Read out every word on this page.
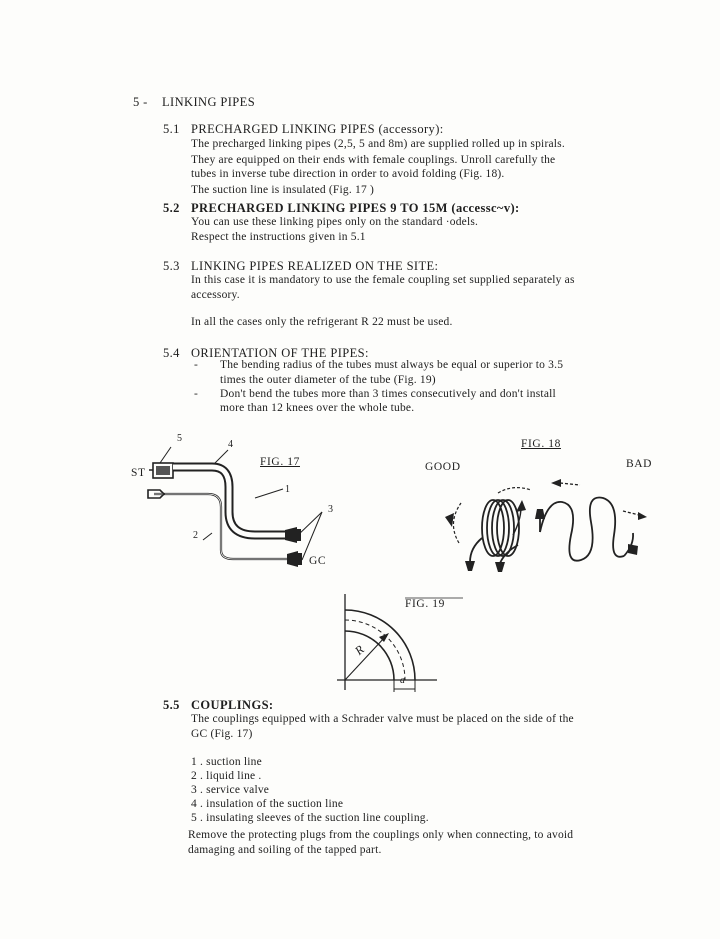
5 - LINKING PIPES
5.1 PRECHARGED LINKING PIPES (accessory):
The precharged linking pipes (2,5, 5 and 8m) are supplied rolled up in spirals.
They are equipped on their ends with female couplings. Unroll carefully the
tubes in inverse tube direction in order to avoid folding (Fig. 18).
The suction line is insulated (Fig. 17 )
5.2 PRECHARGED LINKING PIPES 9 TO 15M (accessc~v):
You can use these linking pipes only on the standard ·odels.
Respect the instructions given in 5.1
5.3 LINKING PIPES REALIZED ON THE SITE:
In this case it is mandatory to use the female coupling set supplied separately as
accessory.
In all the cases only the refrigerant R 22 must be used.
5.4 ORIENTATION OF THE PIPES:
- The bending radius of the tubes must always be equal or superior to 3.5
times the outer diameter of the tube (Fig. 19)
- Don't bend the tubes more than 3 times consecutively and don't install
more than 12 knees over the whole tube.
ST
GC
FIG. 17
5
4
1
2
3
FIG. 18
GOOD	BAD
FIG. 19
R
a
5.5 COUPLINGS:
The couplings equipped with a Schrader valve must be placed on the side of the
GC (Fig. 17)
1 . suction line
2 . liquid line .
3 . service valve
4 . insulation of the suction line
5 . insulating sleeves of the suction line coupling.
Remove the protecting plugs from the couplings only when connecting, to avoid
damaging and soiling of the tapped part.
